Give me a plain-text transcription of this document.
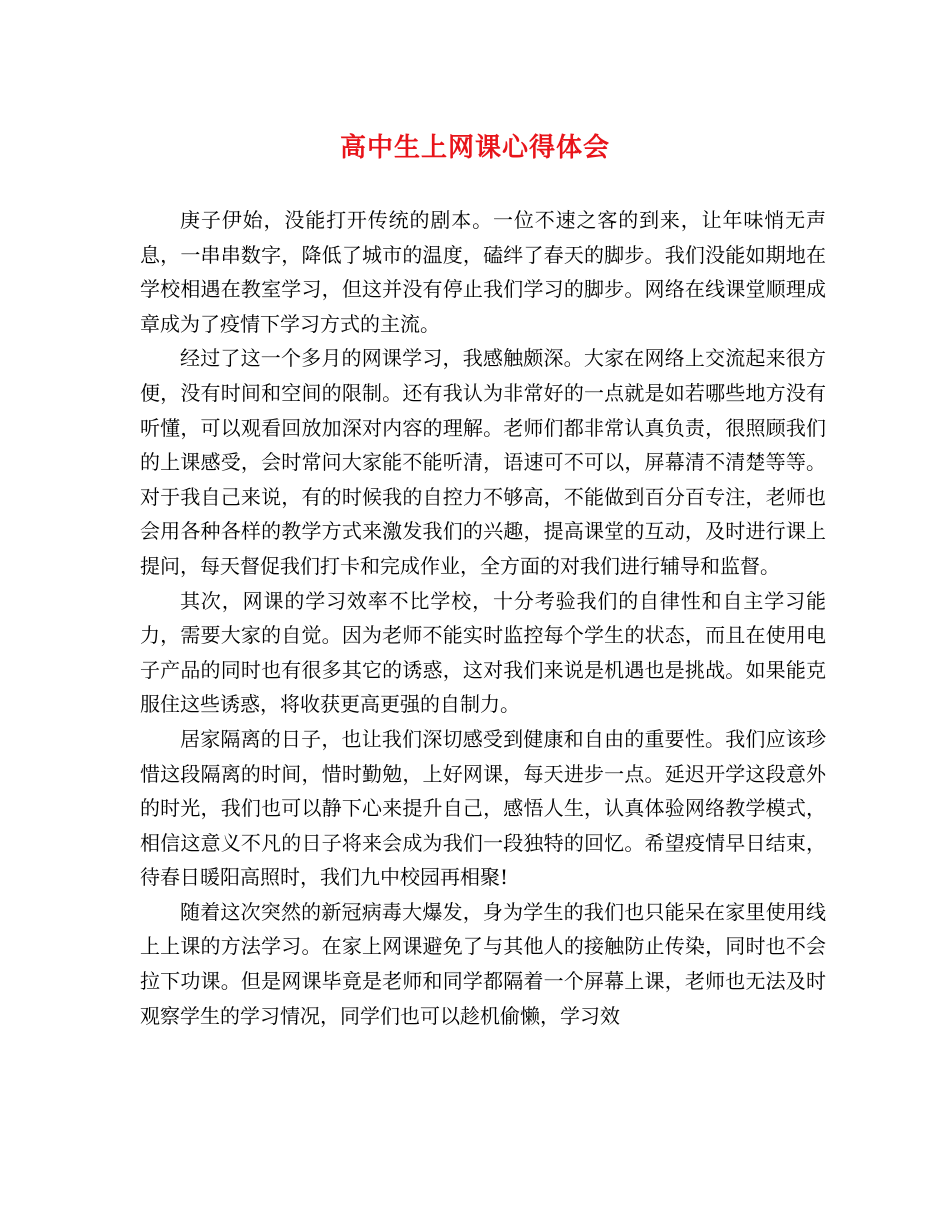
高中生上网课心得体会

庚子伊始，没能打开传统的剧本。一位不速之客的到来，让年味悄无声息，一串串数字，降低了城市的温度，磕绊了春天的脚步。我们没能如期地在学校相遇在教室学习，但这并没有停止我们学习的脚步。网络在线课堂顺理成章成为了疫情下学习方式的主流。

经过了这一个多月的网课学习，我感触颇深。大家在网络上交流起来很方便，没有时间和空间的限制。还有我认为非常好的一点就是如若哪些地方没有听懂，可以观看回放加深对内容的理解。老师们都非常认真负责，很照顾我们的上课感受，会时常问大家能不能听清，语速可不可以，屏幕清不清楚等等。对于我自己来说，有的时候我的自控力不够高，不能做到百分百专注，老师也会用各种各样的教学方式来激发我们的兴趣，提高课堂的互动，及时进行课上提问，每天督促我们打卡和完成作业，全方面的对我们进行辅导和监督。

其次，网课的学习效率不比学校，十分考验我们的自律性和自主学习能力，需要大家的自觉。因为老师不能实时监控每个学生的状态，而且在使用电子产品的同时也有很多其它的诱惑，这对我们来说是机遇也是挑战。如果能克服住这些诱惑，将收获更高更强的自制力。

居家隔离的日子，也让我们深切感受到健康和自由的重要性。我们应该珍惜这段隔离的时间，惜时勤勉，上好网课，每天进步一点。延迟开学这段意外的时光，我们也可以静下心来提升自己，感悟人生，认真体验网络教学模式，相信这意义不凡的日子将来会成为我们一段独特的回忆。希望疫情早日结束，待春日暖阳高照时，我们九中校园再相聚!

随着这次突然的新冠病毒大爆发，身为学生的我们也只能呆在家里使用线上上课的方法学习。在家上网课避免了与其他人的接触防止传染，同时也不会拉下功课。但是网课毕竟是老师和同学都隔着一个屏幕上课，老师也无法及时观察学生的学习情况，同学们也可以趁机偷懒，学习效
